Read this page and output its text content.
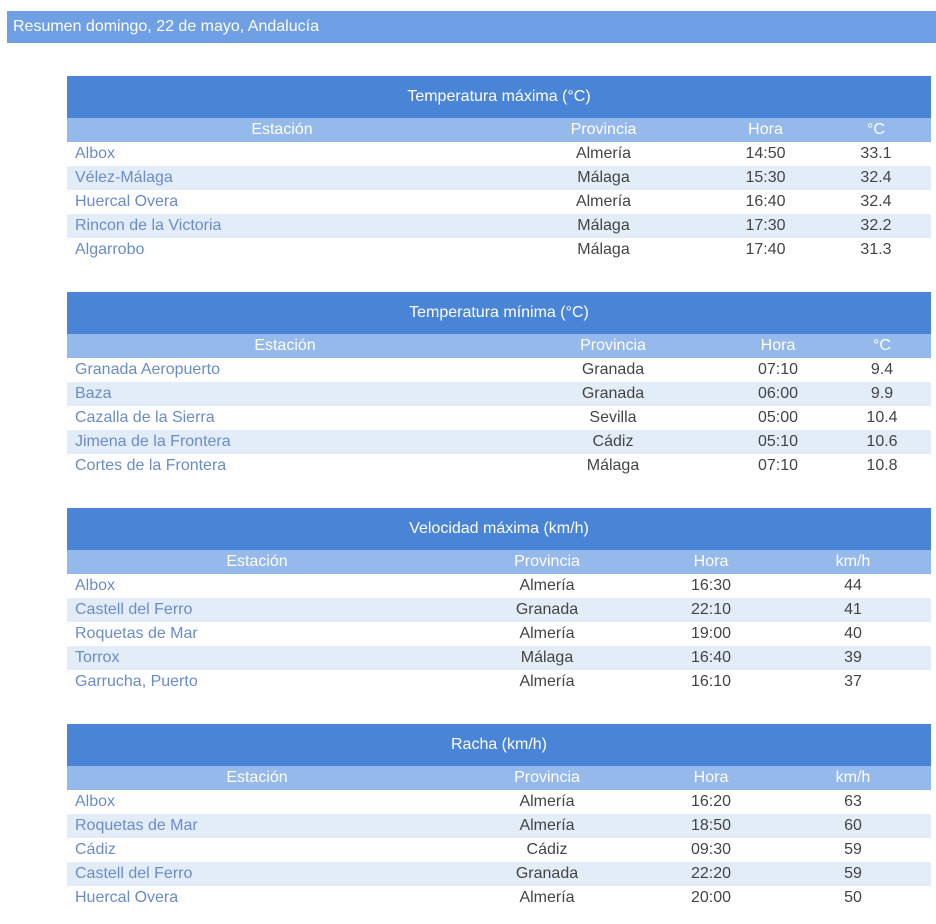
Resumen domingo, 22 de mayo, Andalucía
Temperatura máxima (°C)
Estación	Provincia	Hora	°C
Albox	Almería	14:50	33.1
Vélez-Málaga	Málaga	15:30	32.4
Huercal Overa	Almería	16:40	32.4
Rincon de la Victoria	Málaga	17:30	32.2
Algarrobo	Málaga	17:40	31.3
Temperatura mínima (°C)
Estación	Provincia	Hora	°C
Granada Aeropuerto	Granada	07:10	9.4
Baza	Granada	06:00	9.9
Cazalla de la Sierra	Sevilla	05:00	10.4
Jimena de la Frontera	Cádiz	05:10	10.6
Cortes de la Frontera	Málaga	07:10	10.8
Velocidad máxima (km/h)
Estación	Provincia	Hora	km/h
Albox	Almería	16:30	44
Castell del Ferro	Granada	22:10	41
Roquetas de Mar	Almería	19:00	40
Torrox	Málaga	16:40	39
Garrucha, Puerto	Almería	16:10	37
Racha (km/h)
Estación	Provincia	Hora	km/h
Albox	Almería	16:20	63
Roquetas de Mar	Almería	18:50	60
Cádiz	Cádiz	09:30	59
Castell del Ferro	Granada	22:20	59
Huercal Overa	Almería	20:00	50
